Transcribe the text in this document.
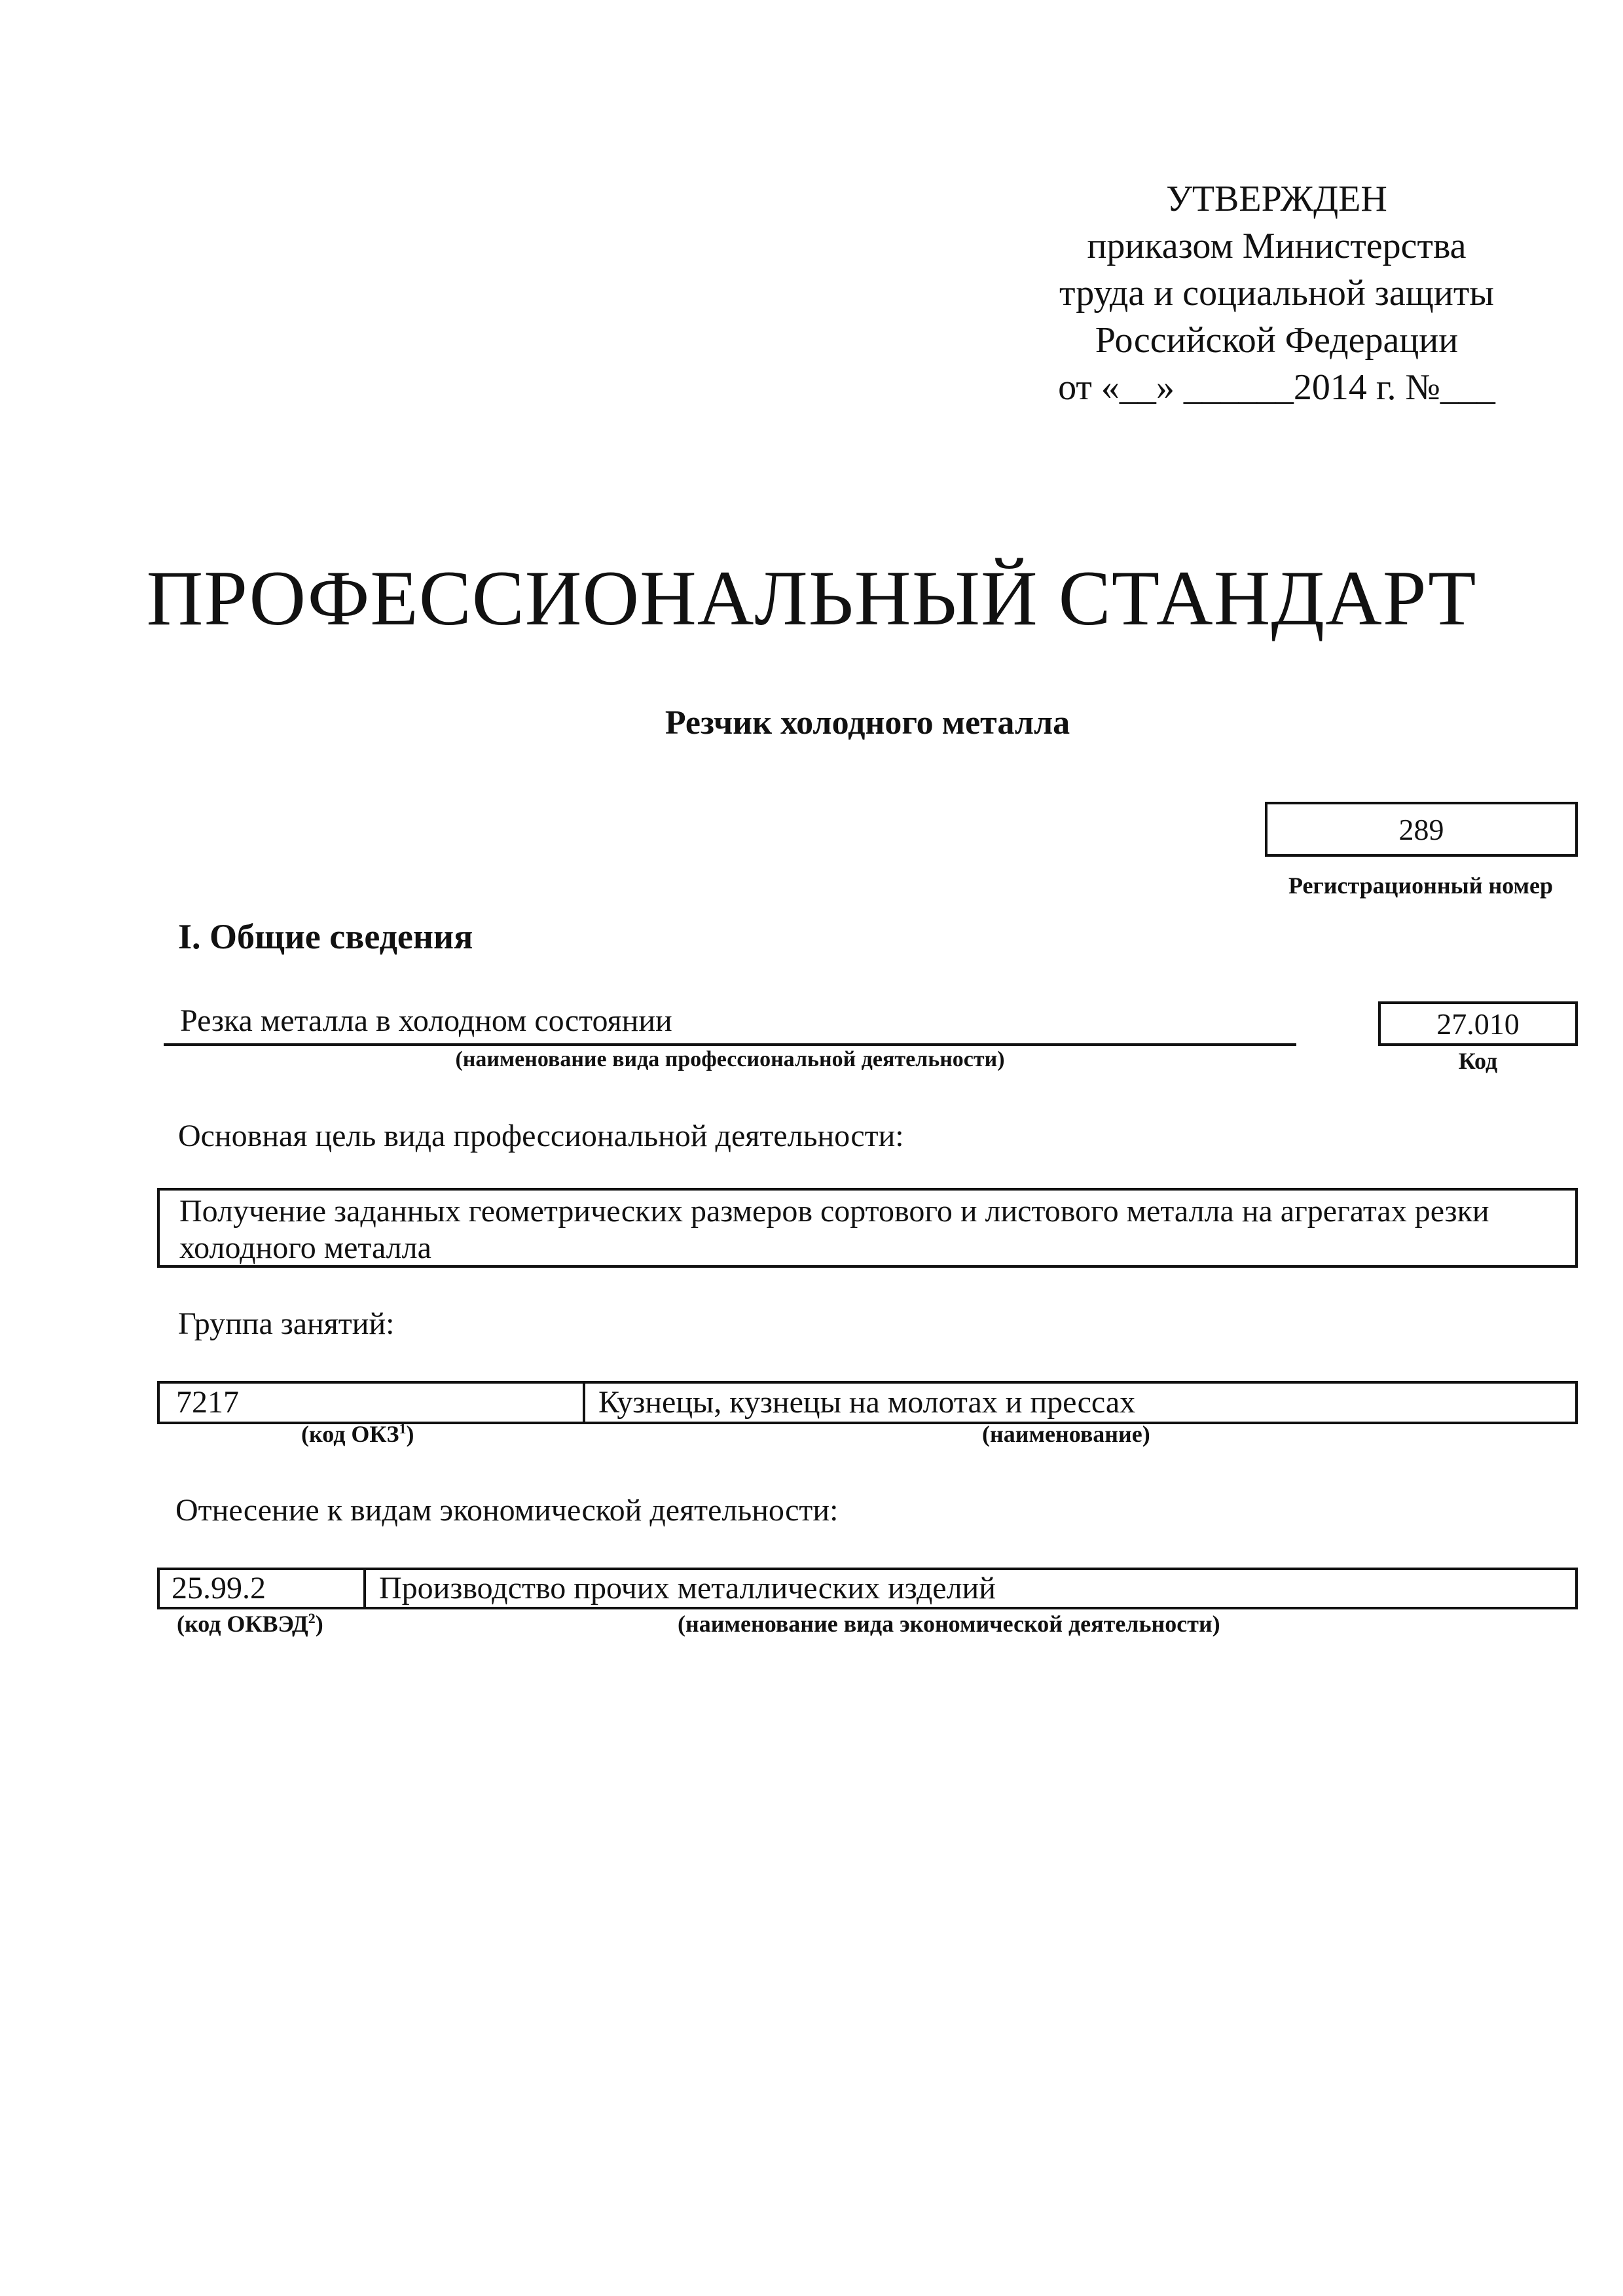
УТВЕРЖДЕН
приказом Министерства
труда и социальной защиты
Российской Федерации
от «__» ______2014 г. №___
ПРОФЕССИОНАЛЬНЫЙ СТАНДАРТ
Резчик холодного металла
289
Регистрационный номер
I. Общие сведения
Резка металла в холодном состоянии
(наименование вида профессиональной деятельности)
27.010
Код
Основная цель вида профессиональной деятельности:
Получение заданных геометрических размеров сортового и листового металла на агрегатах резки холодного металла
Группа занятий:
7217	Кузнецы, кузнецы на молотах и прессах
(код ОКЗ$^1$)	(наименование)
Отнесение к видам экономической деятельности:
25.99.2	Производство прочих металлических изделий
(код ОКВЭД$^2$)	(наименование вида экономической деятельности)
